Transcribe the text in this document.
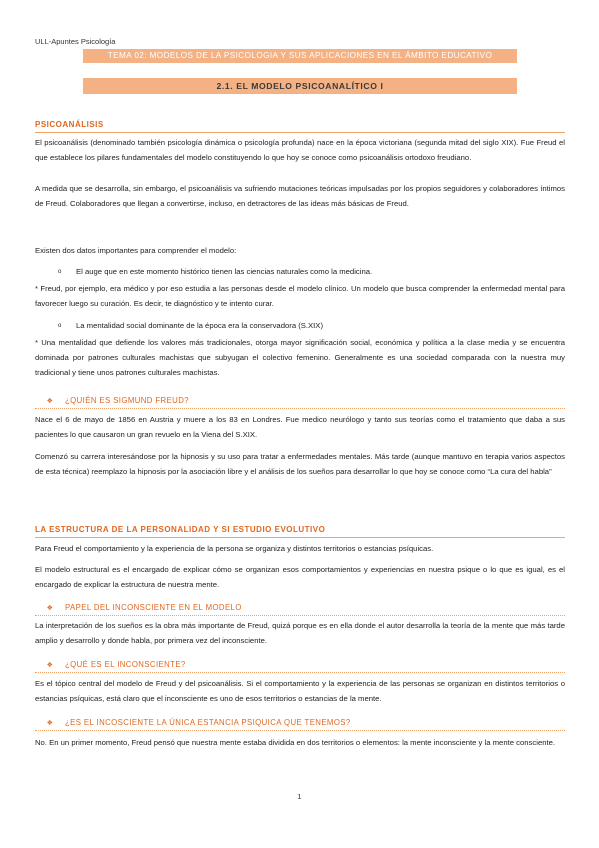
ULL-Apuntes Psicología
TEMA 02: MODELOS DE LA PSICOLOGIA Y SUS APLICACIONES EN EL ÁMBITO EDUCATIVO
2.1. EL MODELO PSICOANALÍTICO I
PSICOANÁLISIS
El psicoanálisis (denominado también psicología dinámica o psicología profunda) nace en la época victoriana (segunda mitad del siglo XIX). Fue Freud el que establece los pilares fundamentales del modelo constituyendo lo que hoy se conoce como psicoanálisis ortodoxo freudiano.
A medida que se desarrolla, sin embargo, el psicoanálisis va sufriendo mutaciones teóricas impulsadas por los propios seguidores y colaboradores íntimos de Freud. Colaboradores que llegan a convertirse, incluso, en detractores de las ideas más básicas de Freud.
Existen dos datos importantes para comprender el modelo:
o El auge que en este momento histórico tienen las ciencias naturales como la medicina.
* Freud, por ejemplo, era médico y por eso estudia a las personas desde el modelo clínico. Un modelo que busca comprender la enfermedad mental para favorecer luego su curación. Es decir, te diagnóstico y te intento curar.
o La mentalidad social dominante de la época era la conservadora (S.XIX)
* Una mentalidad que defiende los valores más tradicionales, otorga mayor significación social, económica y política a la clase media y se encuentra dominada por patrones culturales machistas que subyugan el colectivo femenino. Generalmente es una sociedad comparada con la nuestra muy tradicional y tiene unos patrones culturales machistas.
❖ ¿QUIÉN ES SIGMUND FREUD?
Nace el 6 de mayo de 1856 en Austria y muere a los 83 en Londres. Fue medico neurólogo y tanto sus teorías como el tratamiento que daba a sus pacientes lo que causaron un gran revuelo en la Viena del S.XIX.
Comenzó su carrera interesándose por la hipnosis y su uso para tratar a enfermedades mentales. Más tarde (aunque mantuvo en terapia varios aspectos de esta técnica) reemplazo la hipnosis por la asociación libre y el análisis de los sueños para desarrollar lo que hoy se conoce como “La cura del habla”
LA ESTRUCTURA DE LA PERSONALIDAD Y SI ESTUDIO EVOLUTIVO
Para Freud el comportamiento y la experiencia de la persona se organiza y distintos territorios o estancias psíquicas.
El modelo estructural es el encargado de explicar cómo se organizan esos comportamientos y experiencias en nuestra psique o lo que es igual, es el encargado de explicar la estructura de nuestra mente.
❖ PAPEL DEL INCONSCIENTE EN EL MODELO
La interpretación de los sueños es la obra más importante de Freud, quizá porque es en ella donde el autor desarrolla la teoría de la mente que más tarde amplio y desarrollo y donde habla, por primera vez del inconsciente.
❖ ¿QUÉ ES EL INCONSCIENTE?
Es el tópico central del modelo de Freud y del psicoanálisis. Si el comportamiento y la experiencia de las personas se organizan en distintos territorios o estancias psíquicas, está claro que el inconsciente es uno de esos territorios o estancias de la mente.
❖ ¿ES EL INCOSCIENTE LA ÚNICA ESTANCIA PSIQUICA QUE TENEMOS?
No. En un primer momento, Freud pensó que nuestra mente estaba dividida en dos territorios o elementos: la mente inconsciente y la mente consciente.
1
